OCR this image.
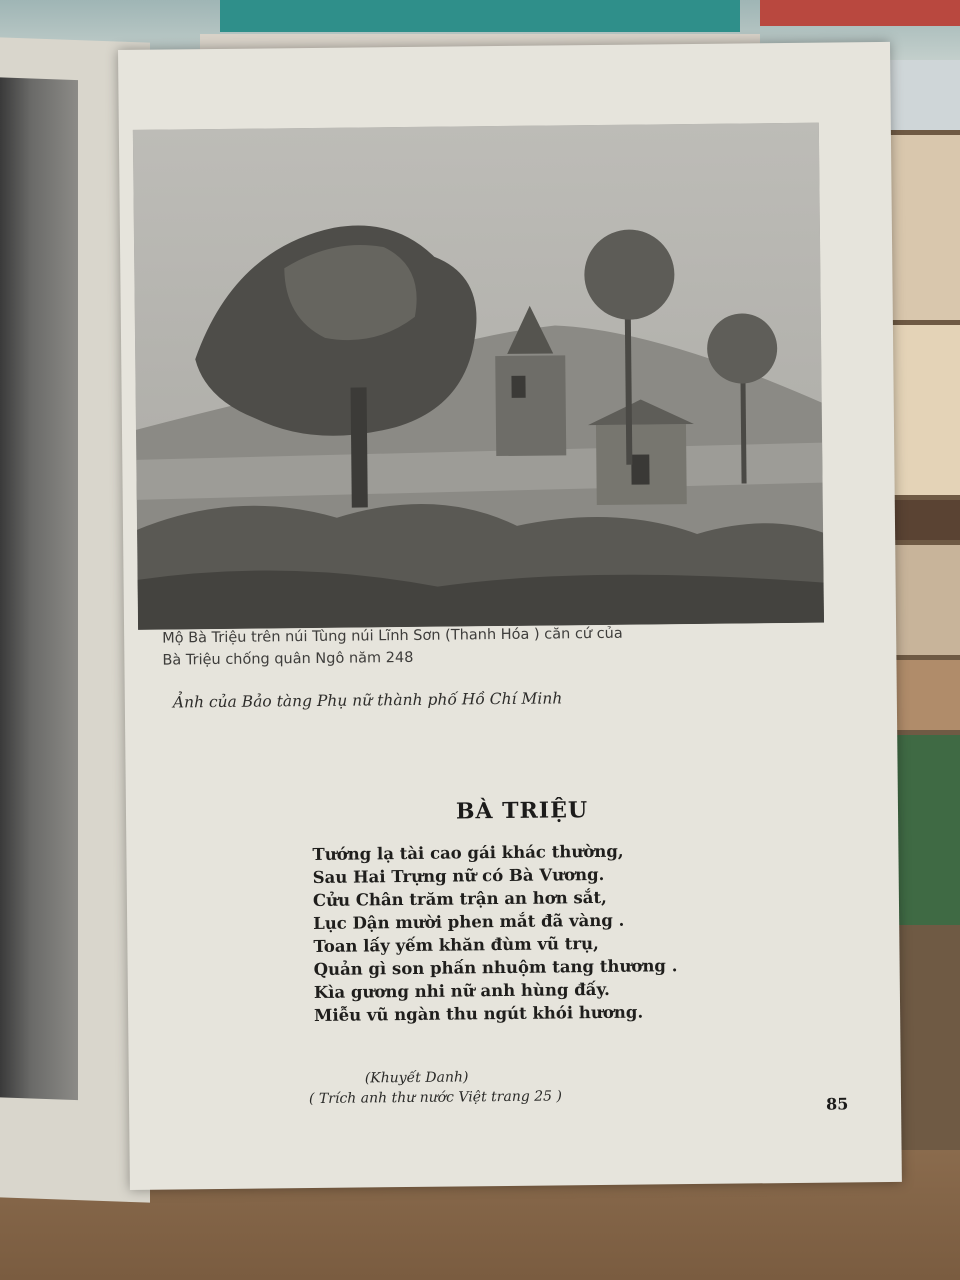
Mộ Bà Triệu trên núi Tùng núi Lĩnh Sơn (Thanh Hóa ) căn cứ của
Bà Triệu chống quân Ngô năm 248
Ảnh của Bảo tàng Phụ nữ thành phố Hồ Chí Minh
BÀ TRIỆU
Tướng lạ tài cao gái khác thường,
Sau Hai Trựng nữ có Bà Vương.
Cửu Chân trăm trận an hơn sắt,
Lục Dận mười phen mắt đã vàng .
Toan lấy yếm khăn đùm vũ trụ,
Quản gì son phấn nhuộm tang thương .
Kìa gương nhi nữ anh hùng đấy.
Miễu vũ ngàn thu ngút khói hương.
(Khuyết Danh)
( Trích anh thư nước Việt trang 25 )	85
